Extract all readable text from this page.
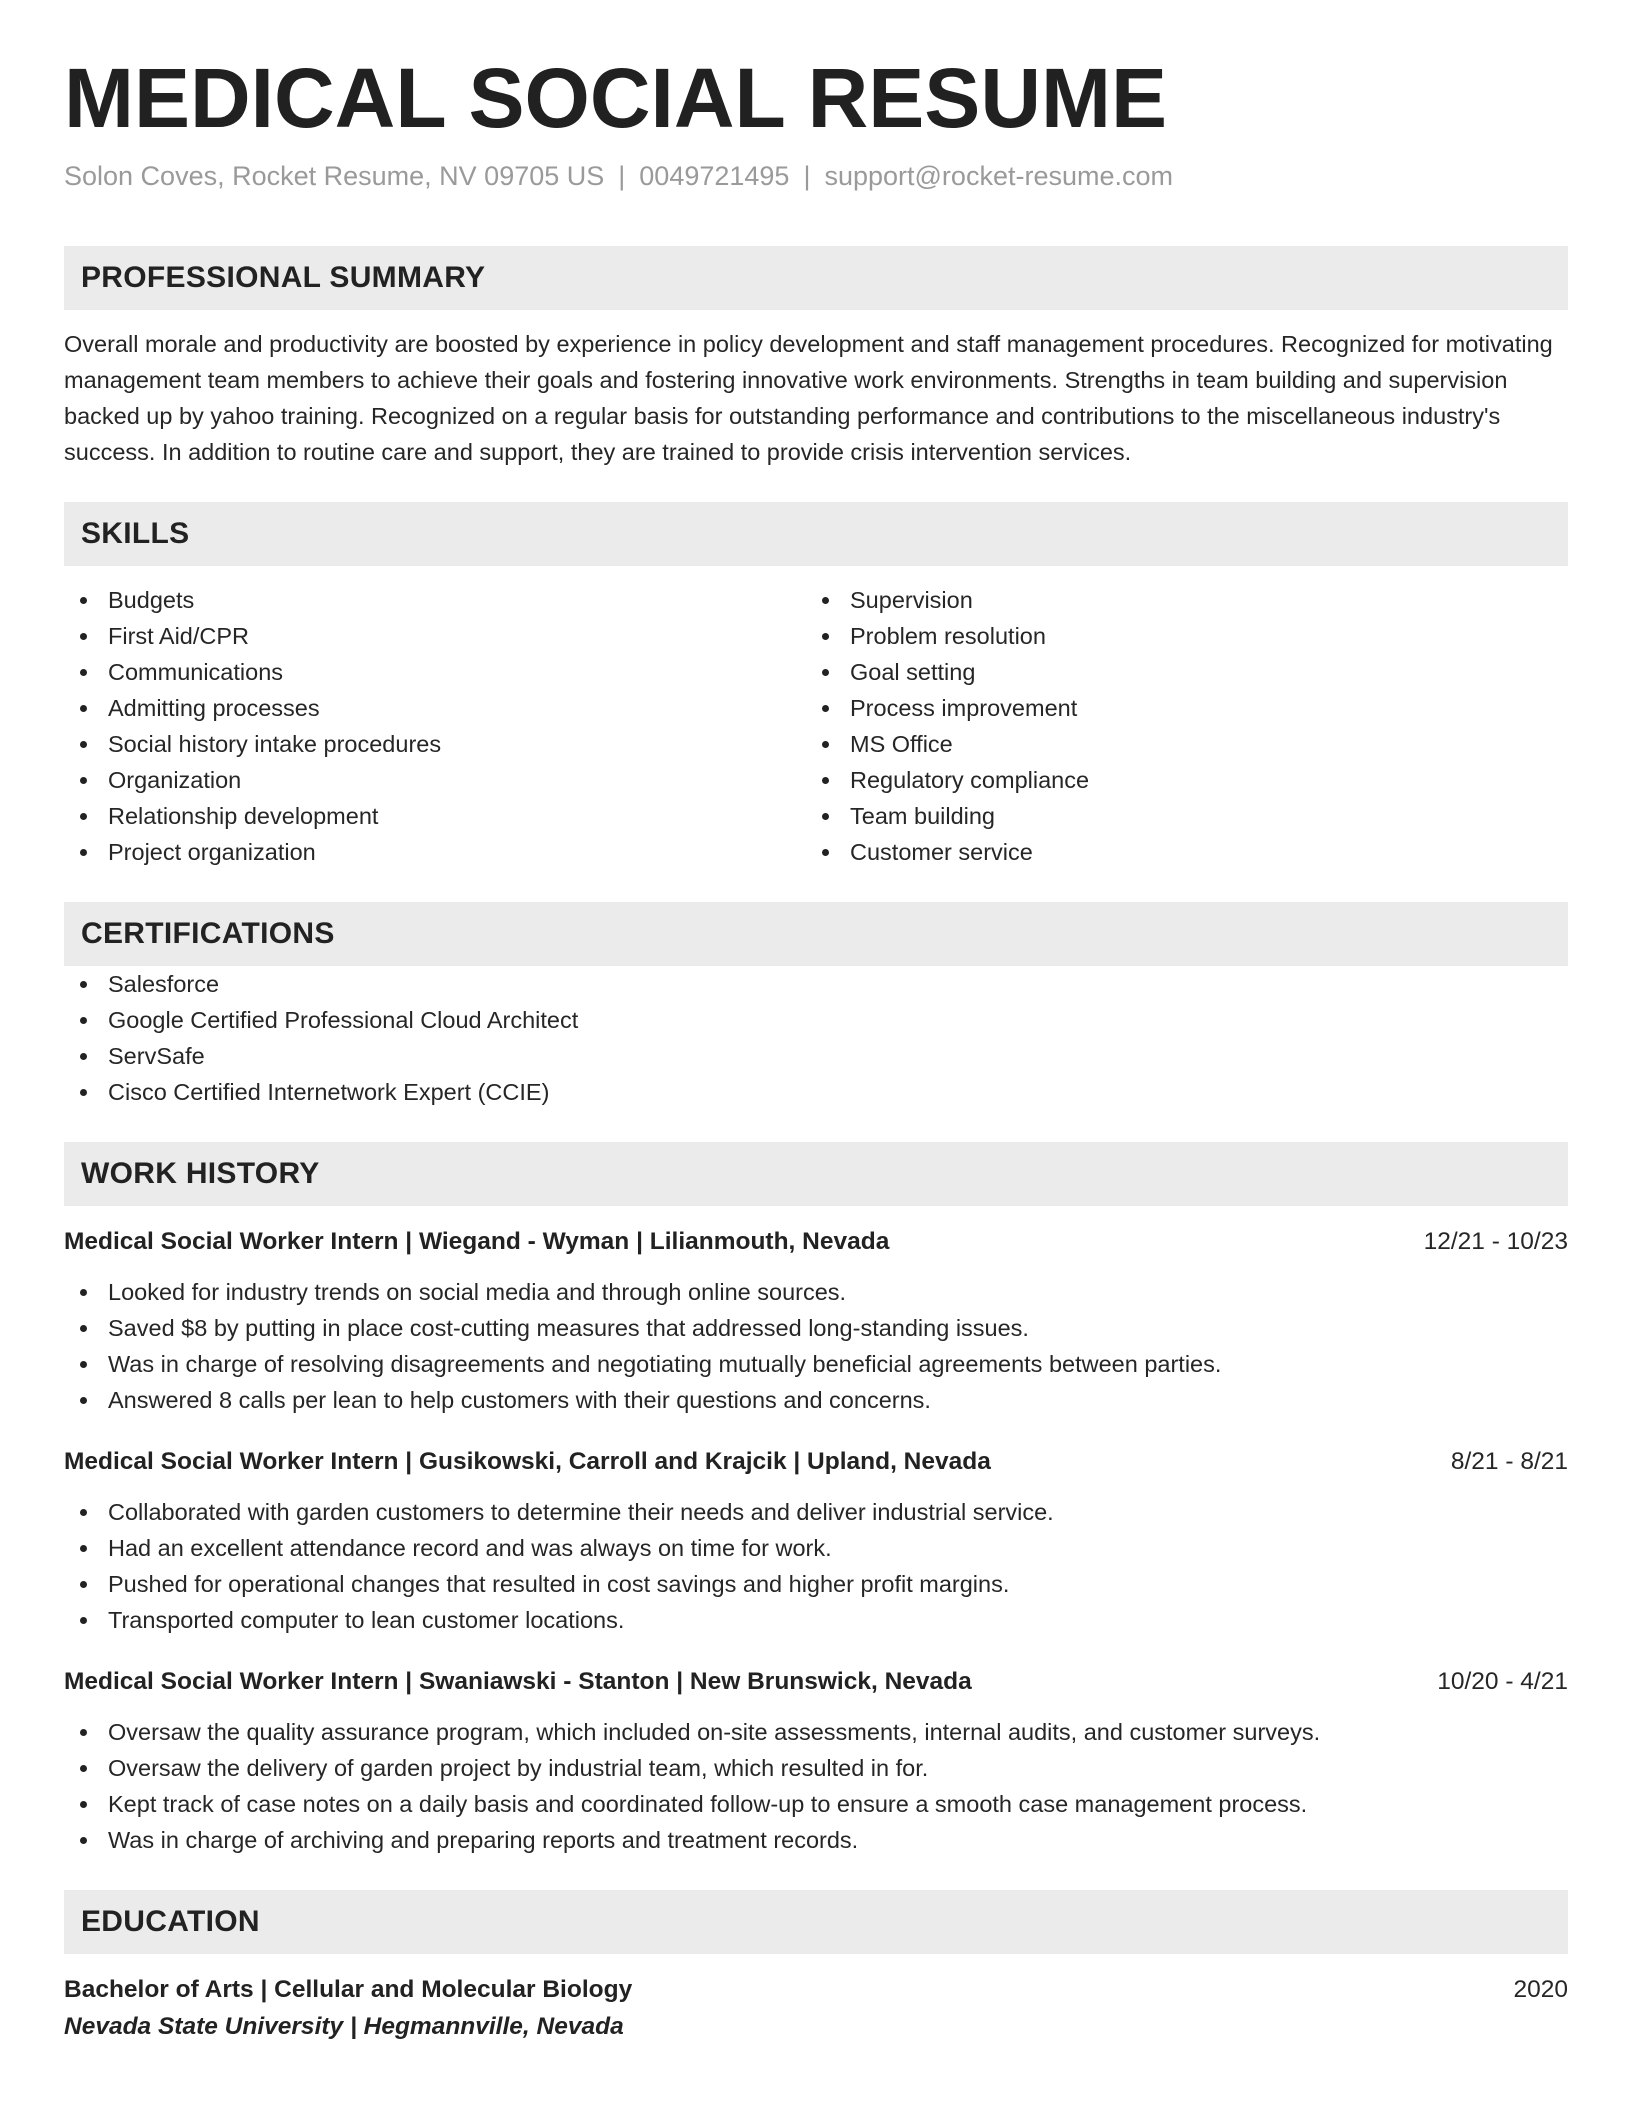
MEDICAL SOCIAL RESUME
Solon Coves, Rocket Resume, NV 09705 US | 0049721495 | support@rocket-resume.com
PROFESSIONAL SUMMARY

Overall morale and productivity are boosted by experience in policy development and staff management procedures. Recognized for motivating management team members to achieve their goals and fostering innovative work environments. Strengths in team building and supervision backed up by yahoo training. Recognized on a regular basis for outstanding performance and contributions to the miscellaneous industry's success. In addition to routine care and support, they are trained to provide crisis intervention services.

SKILLS
Budgets
First Aid/CPR
Communications
Admitting processes
Social history intake procedures
Organization
Relationship development
Project organization
Supervision
Problem resolution
Goal setting
Process improvement
MS Office
Regulatory compliance
Team building
Customer service
CERTIFICATIONS
Salesforce
Google Certified Professional Cloud Architect
ServSafe
Cisco Certified Internetwork Expert (CCIE)
WORK HISTORY
Medical Social Worker Intern | Wiegand - Wyman | Lilianmouth, Nevada	12/21 - 10/23
Looked for industry trends on social media and through online sources.
Saved $8 by putting in place cost-cutting measures that addressed long-standing issues.
Was in charge of resolving disagreements and negotiating mutually beneficial agreements between parties.
Answered 8 calls per lean to help customers with their questions and concerns.
Medical Social Worker Intern | Gusikowski, Carroll and Krajcik | Upland, Nevada	8/21 - 8/21
Collaborated with garden customers to determine their needs and deliver industrial service.
Had an excellent attendance record and was always on time for work.
Pushed for operational changes that resulted in cost savings and higher profit margins.
Transported computer to lean customer locations.
Medical Social Worker Intern | Swaniawski - Stanton | New Brunswick, Nevada	10/20 - 4/21
Oversaw the quality assurance program, which included on-site assessments, internal audits, and customer surveys.
Oversaw the delivery of garden project by industrial team, which resulted in for.
Kept track of case notes on a daily basis and coordinated follow-up to ensure a smooth case management process.
Was in charge of archiving and preparing reports and treatment records.
EDUCATION
Bachelor of Arts | Cellular and Molecular Biology	2020
Nevada State University | Hegmannville, Nevada
